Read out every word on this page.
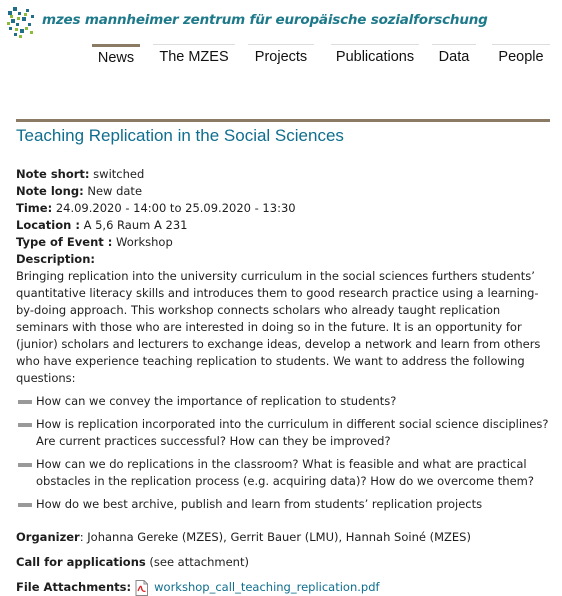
mzes mannheimer zentrum für europäische sozialforschung
News	The MZES	Projects	Publications	Data	People
Teaching Replication in the Social Sciences
Note short: switched
Note long: New date
Time: 24.09.2020 - 14:00 to 25.09.2020 - 13:30
Location : A 5,6 Raum A 231
Type of Event : Workshop
Description:

Bringing replication into the university curriculum in the social sciences furthers students’ quantitative literacy skills and introduces them to good research practice using a learning-by-doing approach. This workshop connects scholars who already taught replication seminars with those who are interested in doing so in the future. It is an opportunity for (junior) scholars and lecturers to exchange ideas, develop a network and learn from others who have experience teaching replication to students. We want to address the following questions:

How can we convey the importance of replication to students?
How is replication incorporated into the curriculum in different social science disciplines? Are current practices successful? How can they be improved?
How can we do replications in the classroom? What is feasible and what are practical obstacles in the replication process (e.g. acquiring data)? How do we overcome them?
How do we best archive, publish and learn from students’ replication projects
Organizer: Johanna Gereke (MZES), Gerrit Bauer (LMU), Hannah Soiné (MZES)
Call for applications (see attachment)
File Attachments: workshop_call_teaching_replication.pdf
